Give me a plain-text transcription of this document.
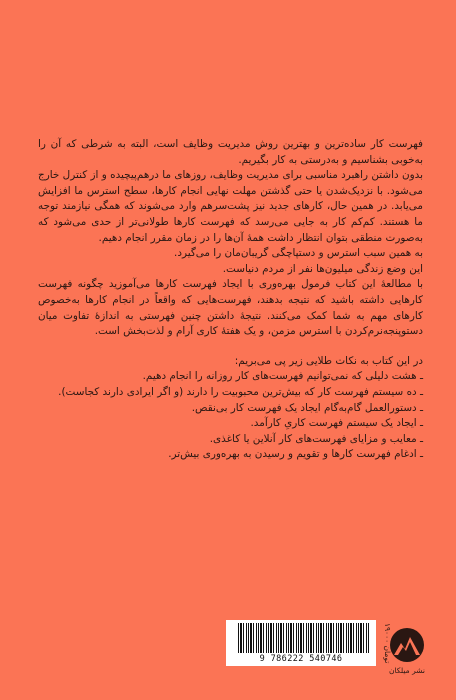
فهرست کار ساده‌ترین و بهترین روش مدیریت وظایف است، البته به شرطی که آن را به‌خوبی بشناسیم و به‌درستی به کار بگیریم.

بدون داشتن راهبرد مناسبی برای مدیریت وظایف، روزهای ما درهم‌پیچیده و از کنترل خارج می‌شود. با نزدیک‌شدن یا حتی گذشتن مهلت نهایی انجام کارها، سطح استرس ما افزایش می‌یابد. در همین حال، کارهای جدید نیز پشت‌سرهم وارد می‌شوند که همگی نیازمند توجه ما هستند. کم‌کم کار به جایی می‌رسد که فهرست کارها طولانی‌تر از حدی می‌شود که به‌صورت منطقی بتوان انتظار داشت همهٔ آن‌ها را در زمان مقرر انجام دهیم.

به همین سبب استرس و دستپاچگی گریبان‌مان را می‌گیرد.

این وضع زندگی میلیون‌ها نفر از مردم دنیاست.

با مطالعهٔ این کتاب فرمول بهره‌وری با ایجاد فهرست کارها می‌آموزید چگونه فهرست کارهایی داشته باشید که نتیجه بدهند، فهرست‌هایی که واقعاً در انجام کارها به‌خصوص کارهای مهم به شما کمک می‌کنند. نتیجهٔ داشتن چنین فهرستی به اندازهٔ تفاوت میان دستوپنجه‌نرم‌کردن با استرس مزمن، و یک هفتهٔ کاری آرام و لذت‌بخش است.

در این کتاب به نکات طلایی زیر پی می‌بریم:

ـ هشت دلیلی که نمی‌توانیم فهرست‌های کار روزانه را انجام دهیم.
ـ ده سیستم فهرست کار که بیش‌ترین محبوبیت را دارند (و اگر ایرادی دارند کجاست).
ـ دستورالعمل گام‌به‌گام ایجاد یک فهرست کار بی‌نقص.
ـ ایجاد یک سیستم فهرست کاریِ کارآمد.
ـ معایب و مزایای فهرست‌های کار آنلاین یا کاغذی.
ـ ادغام فهرست کارها و تقویم و رسیدن به بهره‌وری بیش‌تر.
9 786222 540746
۱۹۰۰۰ تومان
نشر میلکان
